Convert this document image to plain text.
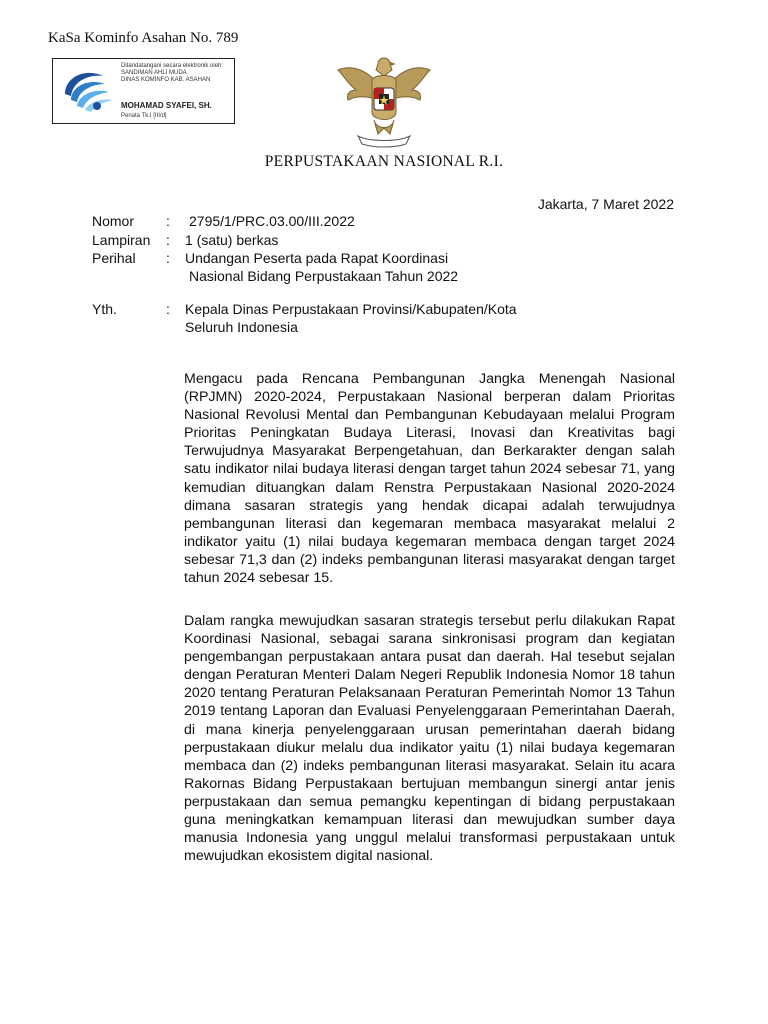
KaSa Kominfo Asahan No. 789
Ditandatangani secara elektronik oleh:
SANDIMAN AHLI MUDA
DINAS KOMINFO KAB. ASAHAN
MOHAMAD SYAFEI, SH.
Penata Tk.I [III/d]
PERPUSTAKAAN NASIONAL R.I.
Jakarta, 7 Maret 2022
Nomor : 2795/1/PRC.03.00/III.2022
Lampiran : 1 (satu) berkas
Perihal : Undangan Peserta pada Rapat Koordinasi
Nasional Bidang Perpustakaan Tahun 2022
Yth.	: Kepala Dinas Perpustakaan Provinsi/Kabupaten/Kota
Seluruh Indonesia

Mengacu pada Rencana Pembangunan Jangka Menengah Nasional (RPJMN) 2020-2024, Perpustakaan Nasional berperan dalam Prioritas Nasional Revolusi Mental dan Pembangunan Kebudayaan melalui Program Prioritas Peningkatan Budaya Literasi, Inovasi dan Kreativitas bagi Terwujudnya Masyarakat Berpengetahuan, dan Berkarakter dengan salah satu indikator nilai budaya literasi dengan target tahun 2024 sebesar 71, yang kemudian dituangkan dalam Renstra Perpustakaan Nasional 2020-2024 dimana sasaran strategis yang hendak dicapai adalah terwujudnya pembangunan literasi dan kegemaran membaca masyarakat melalui 2 indikator yaitu (1) nilai budaya kegemaran membaca dengan target 2024 sebesar 71,3 dan (2) indeks pembangunan literasi masyarakat dengan target tahun 2024 sebesar 15.

Dalam rangka mewujudkan sasaran strategis tersebut perlu dilakukan Rapat Koordinasi Nasional, sebagai sarana sinkronisasi program dan kegiatan pengembangan perpustakaan antara pusat dan daerah. Hal tesebut sejalan dengan Peraturan Menteri Dalam Negeri Republik Indonesia Nomor 18 tahun 2020 tentang Peraturan Pelaksanaan Peraturan Pemerintah Nomor 13 Tahun 2019 tentang Laporan dan Evaluasi Penyelenggaraan Pemerintahan Daerah, di mana kinerja penyelenggaraan urusan pemerintahan daerah bidang perpustakaan diukur melalu dua indikator yaitu (1) nilai budaya kegemaran membaca dan (2) indeks pembangunan literasi masyarakat. Selain itu acara Rakornas Bidang Perpustakaan bertujuan membangun sinergi antar jenis perpustakaan dan semua pemangku kepentingan di bidang perpustakaan guna meningkatkan kemampuan literasi dan mewujudkan sumber daya manusia Indonesia yang unggul melalui transformasi perpustakaan untuk mewujudkan ekosistem digital nasional.
